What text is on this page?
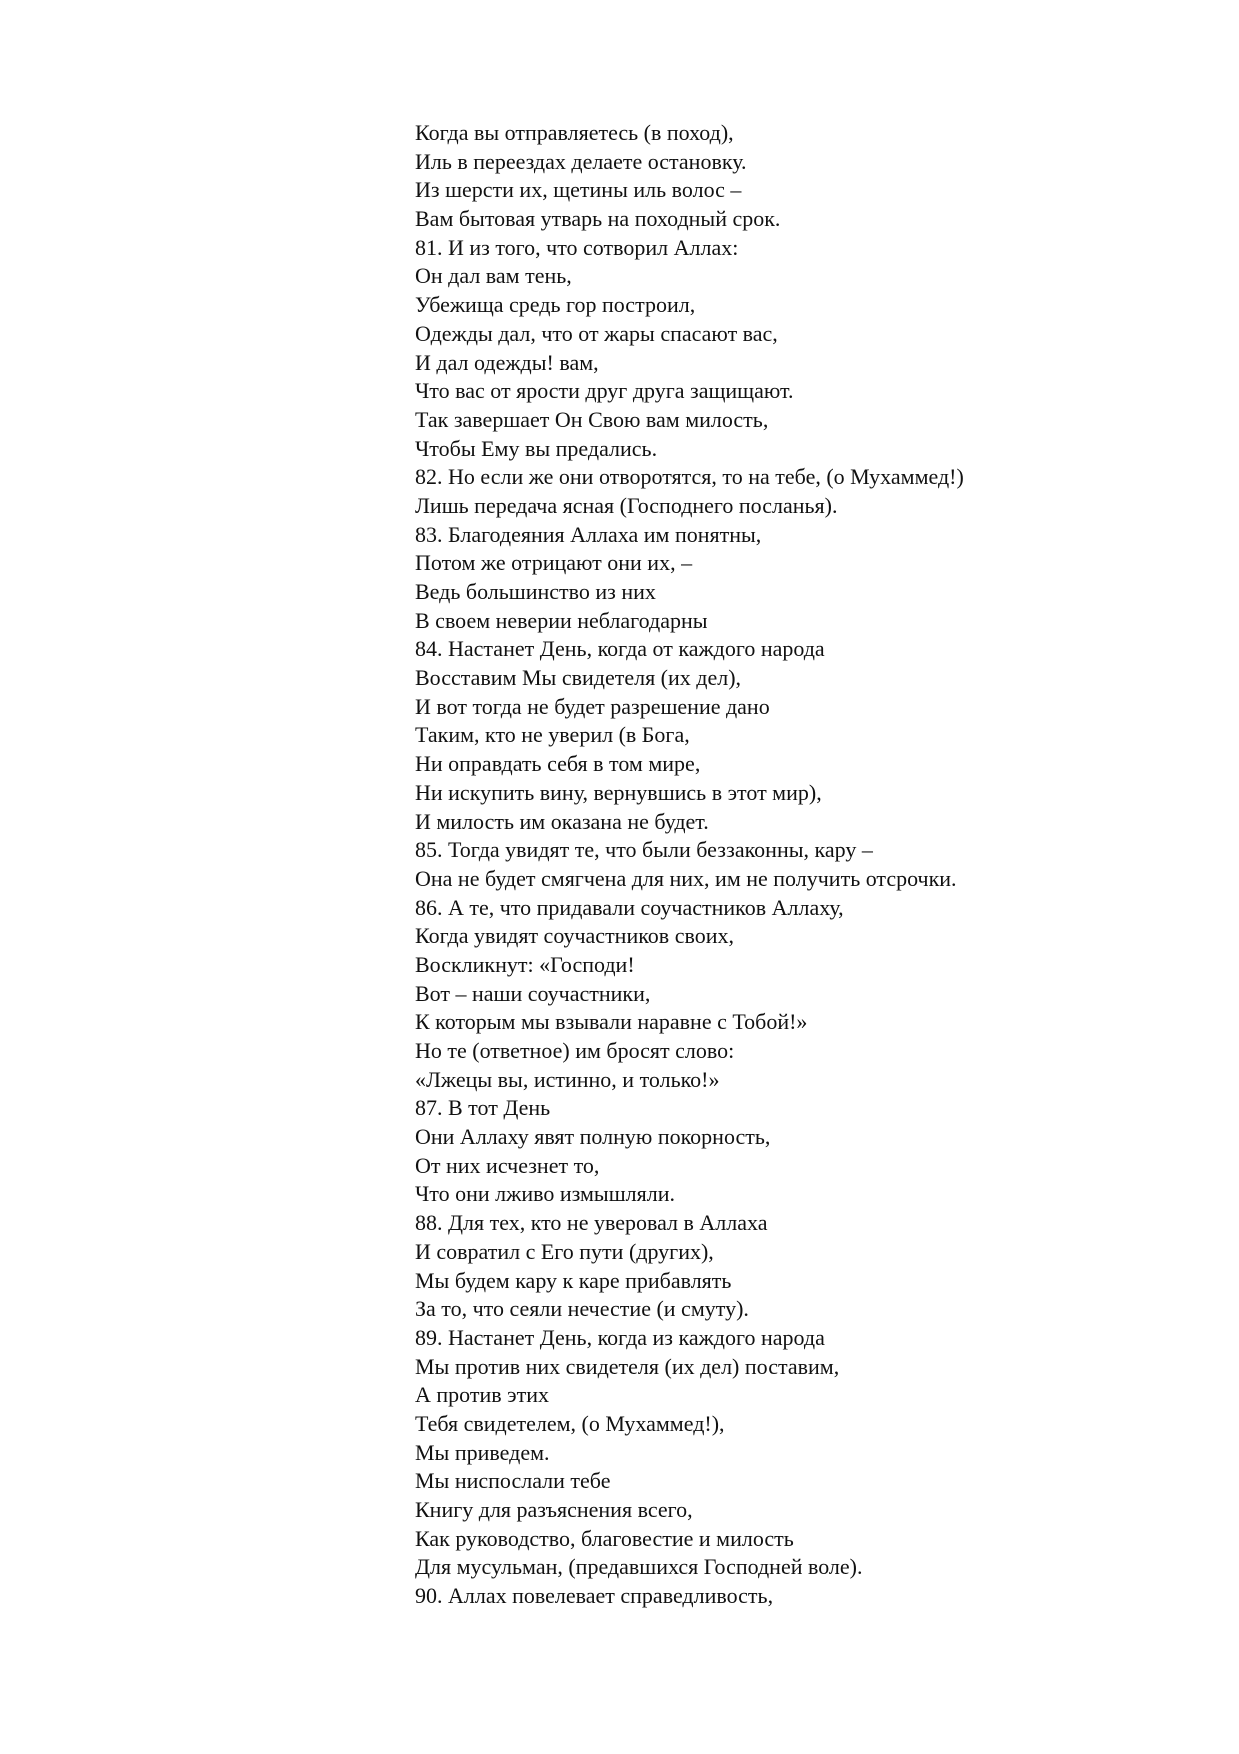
Когда вы отправляетесь (в поход),

Иль в переездах делаете остановку.

Из шерсти их, щетины иль волос –

Вам бытовая утварь на походный срок.

81. И из того, что сотворил Аллах:

Он дал вам тень,

Убежища средь гор построил,

Одежды дал, что от жары спасают вас,

И дал одежды! вам,

Что вас от ярости друг друга защищают.

Так завершает Он Свою вам милость,

Чтобы Ему вы предались.

82. Но если же они отворотятся, то на тебе, (о Мухаммед!)

Лишь передача ясная (Господнего посланья).

83. Благодеяния Аллаха им понятны,

Потом же отрицают они их, –

Ведь большинство из них

В своем неверии неблагодарны

84. Настанет День, когда от каждого народа

Восставим Мы свидетеля (их дел),

И вот тогда не будет разрешение дано

Таким, кто не уверил (в Бога,

Ни оправдать себя в том мире,

Ни искупить вину, вернувшись в этот мир),

И милость им оказана не будет.

85. Тогда увидят те, что были беззаконны, кару –

Она не будет смягчена для них, им не получить отсрочки.

86. А те, что придавали соучастников Аллаху,

Когда увидят соучастников своих,

Воскликнут: «Господи!

Вот – наши соучастники,

К которым мы взывали наравне с Тобой!»

Но те (ответное) им бросят слово:

«Лжецы вы, истинно, и только!»

87. В тот День

Они Аллаху явят полную покорность,

От них исчезнет то,

Что они лживо измышляли.

88. Для тех, кто не уверовал в Аллаха

И совратил с Его пути (других),

Мы будем кару к каре прибавлять

За то, что сеяли нечестие (и смуту).

89. Настанет День, когда из каждого народа

Мы против них свидетеля (их дел) поставим,

А против этих

Тебя свидетелем, (о Мухаммед!),

Мы приведем.

Мы ниспослали тебе

Книгу для разъяснения всего,

Как руководство, благовестие и милость

Для мусульман, (предавшихся Господней воле).

90. Аллах повелевает справедливость,
